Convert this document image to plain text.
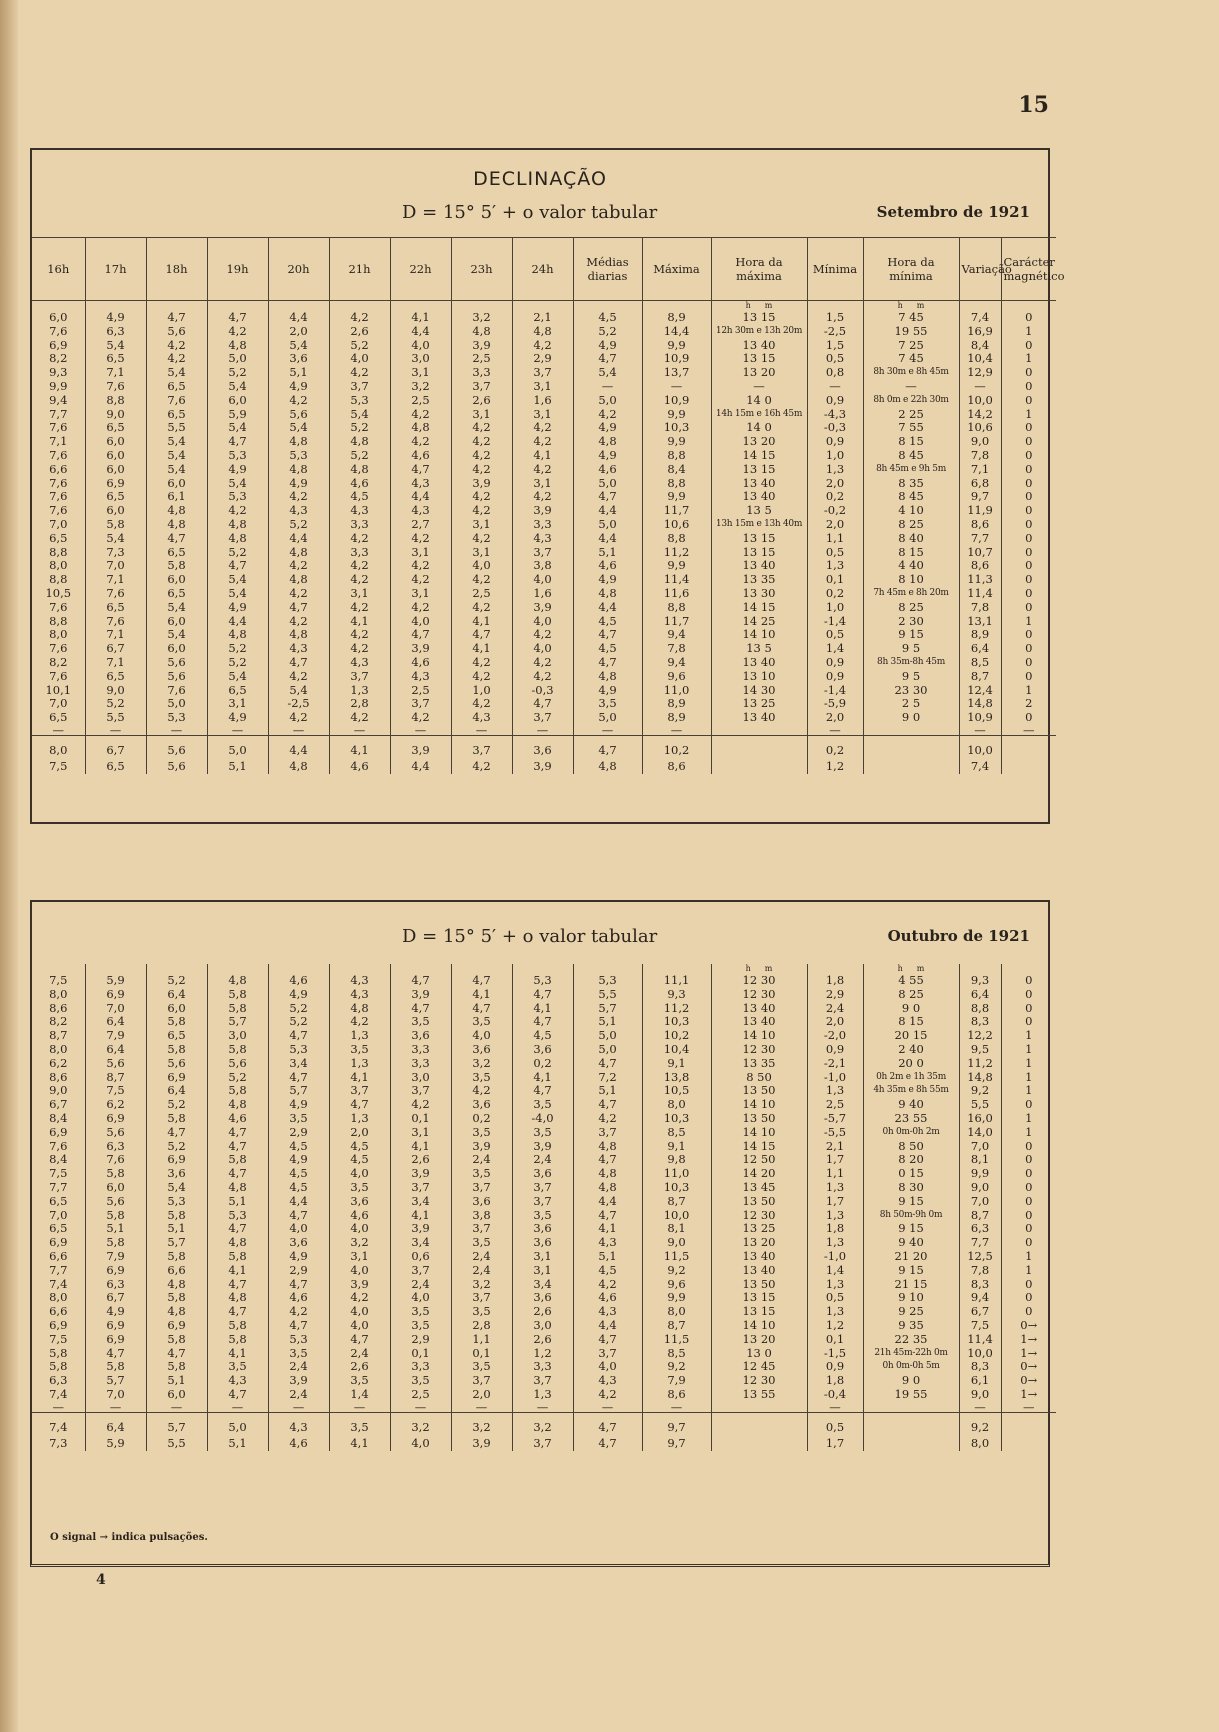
15
DECLINAÇÃO
D = 15° 5′ + o valor tabular	Setembro de 1921
16h	17h	18h	19h	20h	21h	22h	23h	24h	Médias diarias	Máxima	Hora da máxima	Mínima	Hora da mínima	Variação	Carácter magnético
											h m		h m		
6,0	4,9	4,7	4,7	4,4	4,2	4,1	3,2	2,1	4,5	8,9	13 15	1,5	7 45	7,4	0
7,6	6,3	5,6	4,2	2,0	2,6	4,4	4,8	4,8	5,2	14,4	12h 30m e 13h 20m	-2,5	19 55	16,9	1
6,9	5,4	4,2	4,8	5,4	5,2	4,0	3,9	4,2	4,9	9,9	13 40	1,5	7 25	8,4	0
8,2	6,5	4,2	5,0	3,6	4,0	3,0	2,5	2,9	4,7	10,9	13 15	0,5	7 45	10,4	1
9,3	7,1	5,4	5,2	5,1	4,2	3,1	3,3	3,7	5,4	13,7	13 20	0,8	8h 30m e 8h 45m	12,9	0
9,9	7,6	6,5	5,4	4,9	3,7	3,2	3,7	3,1	—	—	—	—	—	—	0
9,4	8,8	7,6	6,0	4,2	5,3	2,5	2,6	1,6	5,0	10,9	14 0	0,9	8h 0m e 22h 30m	10,0	0
7,7	9,0	6,5	5,9	5,6	5,4	4,2	3,1	3,1	4,2	9,9	14h 15m e 16h 45m	-4,3	2 25	14,2	1
7,6	6,5	5,5	5,4	5,4	5,2	4,8	4,2	4,2	4,9	10,3	14 0	-0,3	7 55	10,6	0
7,1	6,0	5,4	4,7	4,8	4,8	4,2	4,2	4,2	4,8	9,9	13 20	0,9	8 15	9,0	0
7,6	6,0	5,4	5,3	5,3	5,2	4,6	4,2	4,1	4,9	8,8	14 15	1,0	8 45	7,8	0
6,6	6,0	5,4	4,9	4,8	4,8	4,7	4,2	4,2	4,6	8,4	13 15	1,3	8h 45m e 9h 5m	7,1	0
7,6	6,9	6,0	5,4	4,9	4,6	4,3	3,9	3,1	5,0	8,8	13 40	2,0	8 35	6,8	0
7,6	6,5	6,1	5,3	4,2	4,5	4,4	4,2	4,2	4,7	9,9	13 40	0,2	8 45	9,7	0
7,6	6,0	4,8	4,2	4,3	4,3	4,3	4,2	3,9	4,4	11,7	13 5	-0,2	4 10	11,9	0
7,0	5,8	4,8	4,8	5,2	3,3	2,7	3,1	3,3	5,0	10,6	13h 15m e 13h 40m	2,0	8 25	8,6	0
6,5	5,4	4,7	4,8	4,4	4,2	4,2	4,2	4,3	4,4	8,8	13 15	1,1	8 40	7,7	0
8,8	7,3	6,5	5,2	4,8	3,3	3,1	3,1	3,7	5,1	11,2	13 15	0,5	8 15	10,7	0
8,0	7,0	5,8	4,7	4,2	4,2	4,2	4,0	3,8	4,6	9,9	13 40	1,3	4 40	8,6	0
8,8	7,1	6,0	5,4	4,8	4,2	4,2	4,2	4,0	4,9	11,4	13 35	0,1	8 10	11,3	0
10,5	7,6	6,5	5,4	4,2	3,1	3,1	2,5	1,6	4,8	11,6	13 30	0,2	7h 45m e 8h 20m	11,4	0
7,6	6,5	5,4	4,9	4,7	4,2	4,2	4,2	3,9	4,4	8,8	14 15	1,0	8 25	7,8	0
8,8	7,6	6,0	4,4	4,2	4,1	4,0	4,1	4,0	4,5	11,7	14 25	-1,4	2 30	13,1	1
8,0	7,1	5,4	4,8	4,8	4,2	4,7	4,7	4,2	4,7	9,4	14 10	0,5	9 15	8,9	0
7,6	6,7	6,0	5,2	4,3	4,2	3,9	4,1	4,0	4,5	7,8	13 5	1,4	9 5	6,4	0
8,2	7,1	5,6	5,2	4,7	4,3	4,6	4,2	4,2	4,7	9,4	13 40	0,9	8h 35m-8h 45m	8,5	0
7,6	6,5	5,6	5,4	4,2	3,7	4,3	4,2	4,2	4,8	9,6	13 10	0,9	9 5	8,7	0
10,1	9,0	7,6	6,5	5,4	1,3	2,5	1,0	-0,3	4,9	11,0	14 30	-1,4	23 30	12,4	1
7,0	5,2	5,0	3,1	-2,5	2,8	3,7	4,2	4,7	3,5	8,9	13 25	-5,9	2 5	14,8	2
6,5	5,5	5,3	4,9	4,2	4,2	4,2	4,3	3,7	5,0	8,9	13 40	2,0	9 0	10,9	0
—	—	—	—	—	—	—	—	—	—	—		—		—	—
8,0	6,7	5,6	5,0	4,4	4,1	3,9	3,7	3,6	4,7	10,2		0,2		10,0	
7,5	6,5	5,6	5,1	4,8	4,6	4,4	4,2	3,9	4,8	8,6		1,2		7,4	
D = 15° 5′ + o valor tabular	Outubro de 1921
											h m		h m		
7,5	5,9	5,2	4,8	4,6	4,3	4,7	4,7	5,3	5,3	11,1	12 30	1,8	4 55	9,3	0
8,0	6,9	6,4	5,8	4,9	4,3	3,9	4,1	4,7	5,5	9,3	12 30	2,9	8 25	6,4	0
8,6	7,0	6,0	5,8	5,2	4,8	4,7	4,7	4,1	5,7	11,2	13 40	2,4	9 0	8,8	0
8,2	6,4	5,8	5,7	5,2	4,2	3,5	3,5	4,7	5,1	10,3	13 40	2,0	8 15	8,3	0
8,7	7,9	6,5	3,0	4,7	1,3	3,6	4,0	4,5	5,0	10,2	14 10	-2,0	20 15	12,2	1
8,0	6,4	5,8	5,8	5,3	3,5	3,3	3,6	3,6	5,0	10,4	12 30	0,9	2 40	9,5	1
6,2	5,6	5,6	5,6	3,4	1,3	3,3	3,2	0,2	4,7	9,1	13 35	-2,1	20 0	11,2	1
8,6	8,7	6,9	5,2	4,7	4,1	3,0	3,5	4,1	7,2	13,8	8 50	-1,0	0h 2m e 1h 35m	14,8	1
9,0	7,5	6,4	5,8	5,7	3,7	3,7	4,2	4,7	5,1	10,5	13 50	1,3	4h 35m e 8h 55m	9,2	1
6,7	6,2	5,2	4,8	4,9	4,7	4,2	3,6	3,5	4,7	8,0	14 10	2,5	9 40	5,5	0
8,4	6,9	5,8	4,6	3,5	1,3	0,1	0,2	-4,0	4,2	10,3	13 50	-5,7	23 55	16,0	1
6,9	5,6	4,7	4,7	2,9	2,0	3,1	3,5	3,5	3,7	8,5	14 10	-5,5	0h 0m-0h 2m	14,0	1
7,6	6,3	5,2	4,7	4,5	4,5	4,1	3,9	3,9	4,8	9,1	14 15	2,1	8 50	7,0	0
8,4	7,6	6,9	5,8	4,9	4,5	2,6	2,4	2,4	4,7	9,8	12 50	1,7	8 20	8,1	0
7,5	5,8	3,6	4,7	4,5	4,0	3,9	3,5	3,6	4,8	11,0	14 20	1,1	0 15	9,9	0
7,7	6,0	5,4	4,8	4,5	3,5	3,7	3,7	3,7	4,8	10,3	13 45	1,3	8 30	9,0	0
6,5	5,6	5,3	5,1	4,4	3,6	3,4	3,6	3,7	4,4	8,7	13 50	1,7	9 15	7,0	0
7,0	5,8	5,8	5,3	4,7	4,6	4,1	3,8	3,5	4,7	10,0	12 30	1,3	8h 50m-9h 0m	8,7	0
6,5	5,1	5,1	4,7	4,0	4,0	3,9	3,7	3,6	4,1	8,1	13 25	1,8	9 15	6,3	0
6,9	5,8	5,7	4,8	3,6	3,2	3,4	3,5	3,6	4,3	9,0	13 20	1,3	9 40	7,7	0
6,6	7,9	5,8	5,8	4,9	3,1	0,6	2,4	3,1	5,1	11,5	13 40	-1,0	21 20	12,5	1
7,7	6,9	6,6	4,1	2,9	4,0	3,7	2,4	3,1	4,5	9,2	13 40	1,4	9 15	7,8	1
7,4	6,3	4,8	4,7	4,7	3,9	2,4	3,2	3,4	4,2	9,6	13 50	1,3	21 15	8,3	0
8,0	6,7	5,8	4,8	4,6	4,2	4,0	3,7	3,6	4,6	9,9	13 15	0,5	9 10	9,4	0
6,6	4,9	4,8	4,7	4,2	4,0	3,5	3,5	2,6	4,3	8,0	13 15	1,3	9 25	6,7	0
6,9	6,9	6,9	5,8	4,7	4,0	3,5	2,8	3,0	4,4	8,7	14 10	1,2	9 35	7,5	0→
7,5	6,9	5,8	5,8	5,3	4,7	2,9	1,1	2,6	4,7	11,5	13 20	0,1	22 35	11,4	1→
5,8	4,7	4,7	4,1	3,5	2,4	0,1	0,1	1,2	3,7	8,5	13 0	-1,5	21h 45m-22h 0m	10,0	1→
5,8	5,8	5,8	3,5	2,4	2,6	3,3	3,5	3,3	4,0	9,2	12 45	0,9	0h 0m-0h 5m	8,3	0→
6,3	5,7	5,1	4,3	3,9	3,5	3,5	3,7	3,7	4,3	7,9	12 30	1,8	9 0	6,1	0→
7,4	7,0	6,0	4,7	2,4	1,4	2,5	2,0	1,3	4,2	8,6	13 55	-0,4	19 55	9,0	1→
—	—	—	—	—	—	—	—	—	—	—		—		—	—
7,4	6,4	5,7	5,0	4,3	3,5	3,2	3,2	3,2	4,7	9,7		0,5		9,2	
7,3	5,9	5,5	5,1	4,6	4,1	4,0	3,9	3,7	4,7	9,7		1,7		8,0	
O signal → indica pulsações.
4
